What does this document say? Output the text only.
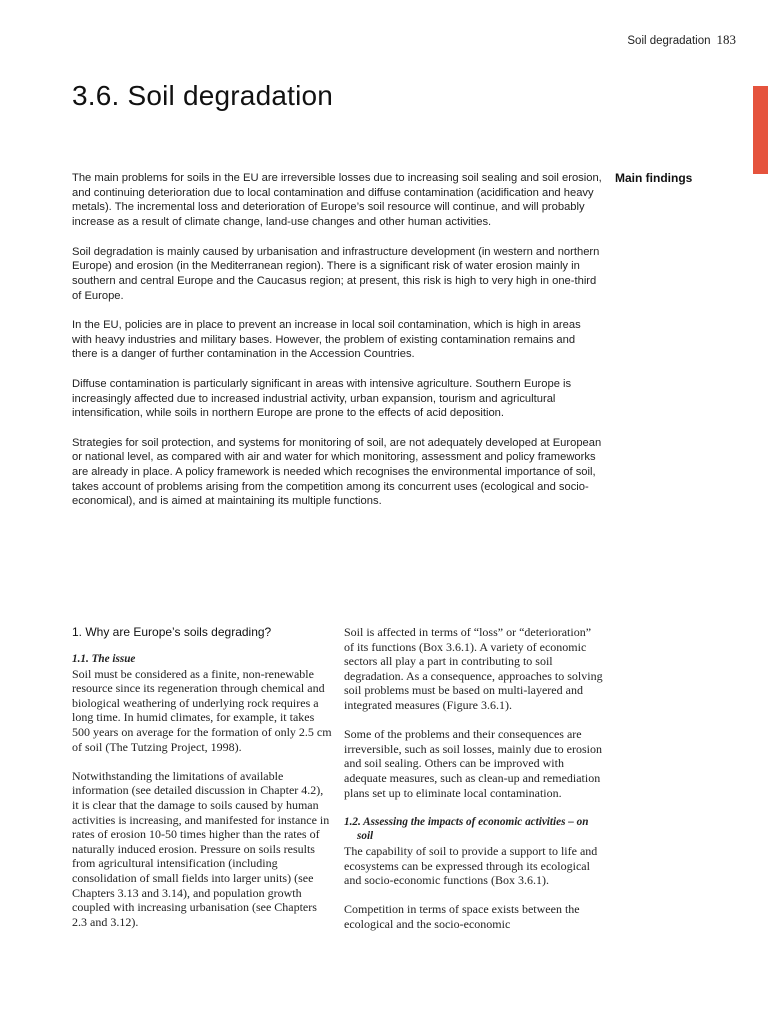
Soil degradation 183
3.6. Soil degradation
Main findings

The main problems for soils in the EU are irreversible losses due to increasing soil sealing and soil erosion, and continuing deterioration due to local contamination and diffuse contamination (acidification and heavy metals). The incremental loss and deterioration of Europe’s soil resource will continue, and will probably increase as a result of climate change, land-use changes and other human activities.

Soil degradation is mainly caused by urbanisation and infrastructure development (in western and northern Europe) and erosion (in the Mediterranean region). There is a significant risk of water erosion mainly in southern and central Europe and the Caucasus region; at present, this risk is high to very high in one-third of Europe.

In the EU, policies are in place to prevent an increase in local soil contamination, which is high in areas with heavy industries and military bases. However, the problem of existing contamination remains and there is a danger of further contamination in the Accession Countries.

Diffuse contamination is particularly significant in areas with intensive agriculture. Southern Europe is increasingly affected due to increased industrial activity, urban expansion, tourism and agricultural intensification, while soils in northern Europe are prone to the effects of acid deposition.

Strategies for soil protection, and systems for monitoring of soil, are not adequately developed at European or national level, as compared with air and water for which monitoring, assessment and policy frameworks are already in place. A policy framework is needed which recognises the environmental importance of soil, takes account of problems arising from the competition among its concurrent uses (ecological and socio-economical), and is aimed at maintaining its multiple functions.

1. Why are Europe’s soils degrading?
1.1. The issue

Soil must be considered as a finite, non-renewable resource since its regeneration through chemical and biological weathering of underlying rock requires a long time. In humid climates, for example, it takes 500 years on average for the formation of only 2.5 cm of soil (The Tutzing Project, 1998).

Notwithstanding the limitations of available information (see detailed discussion in Chapter 4.2), it is clear that the damage to soils caused by human activities is increasing, and manifested for instance in rates of erosion 10-50 times higher than the rates of naturally induced erosion. Pressure on soils results from agricultural intensification (including consolidation of small fields into larger units) (see Chapters 3.13 and 3.14), and population growth coupled with increasing urbanisation (see Chapters 2.3 and 3.12).

Soil is affected in terms of “loss” or “deterioration” of its functions (Box 3.6.1). A variety of economic sectors all play a part in contributing to soil degradation. As a consequence, approaches to solving soil problems must be based on multi-layered and integrated measures (Figure 3.6.1).

Some of the problems and their consequences are irreversible, such as soil losses, mainly due to erosion and soil sealing. Others can be improved with adequate measures, such as clean-up and remediation plans set up to eliminate local contamination.

1.2. Assessing the impacts of economic activities – on soil

The capability of soil to provide a support to life and ecosystems can be expressed through its ecological and socio-economic functions (Box 3.6.1).

Competition in terms of space exists between the ecological and the socio-economic
